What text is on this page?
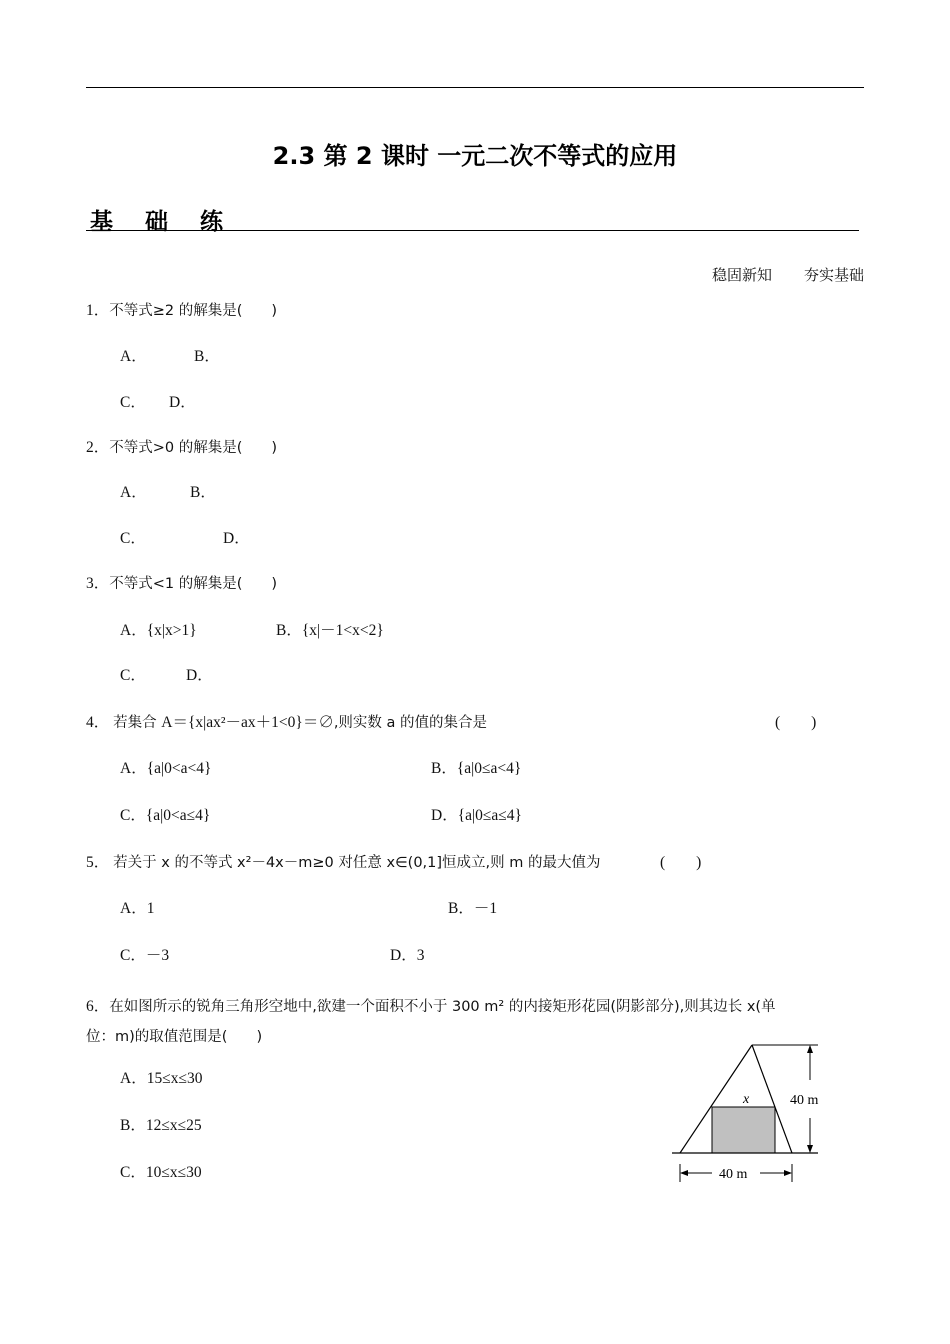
2.3 第 2 课时 一元二次不等式的应用
基 础 练
稳固新知 夯实基础
1．不等式≥2 的解集是(　　)
A．	B．
C． D．
2．不等式>0 的解集是(　　)
A．	B．
C．	D．
3．不等式<1 的解集是(　　)
A．{x|x>1}	B．{x|－1<x<2}
C．	D．
4． 若集合 A＝{x|ax²－ax＋1<0}＝∅,则实数 a 的值的集合是	(　　)
A．{a|0<a<4}	B．{a|0≤a<4}
C．{a|0<a≤4}	D．{a|0≤a≤4}
5． 若关于 x 的不等式 x²－4x－m≥0 对任意 x∈(0,1]恒成立,则 m 的最大值为	(　　)
A．1	B．－1
C．－3	D．3
6．在如图所示的锐角三角形空地中,欲建一个面积不小于 300 m² 的内接矩形花园(阴影部分),则其边长 x(单
位：m)的取值范围是(　　)
A．15≤x≤30
B．12≤x≤25
C．10≤x≤30
40 m
x
40 m
